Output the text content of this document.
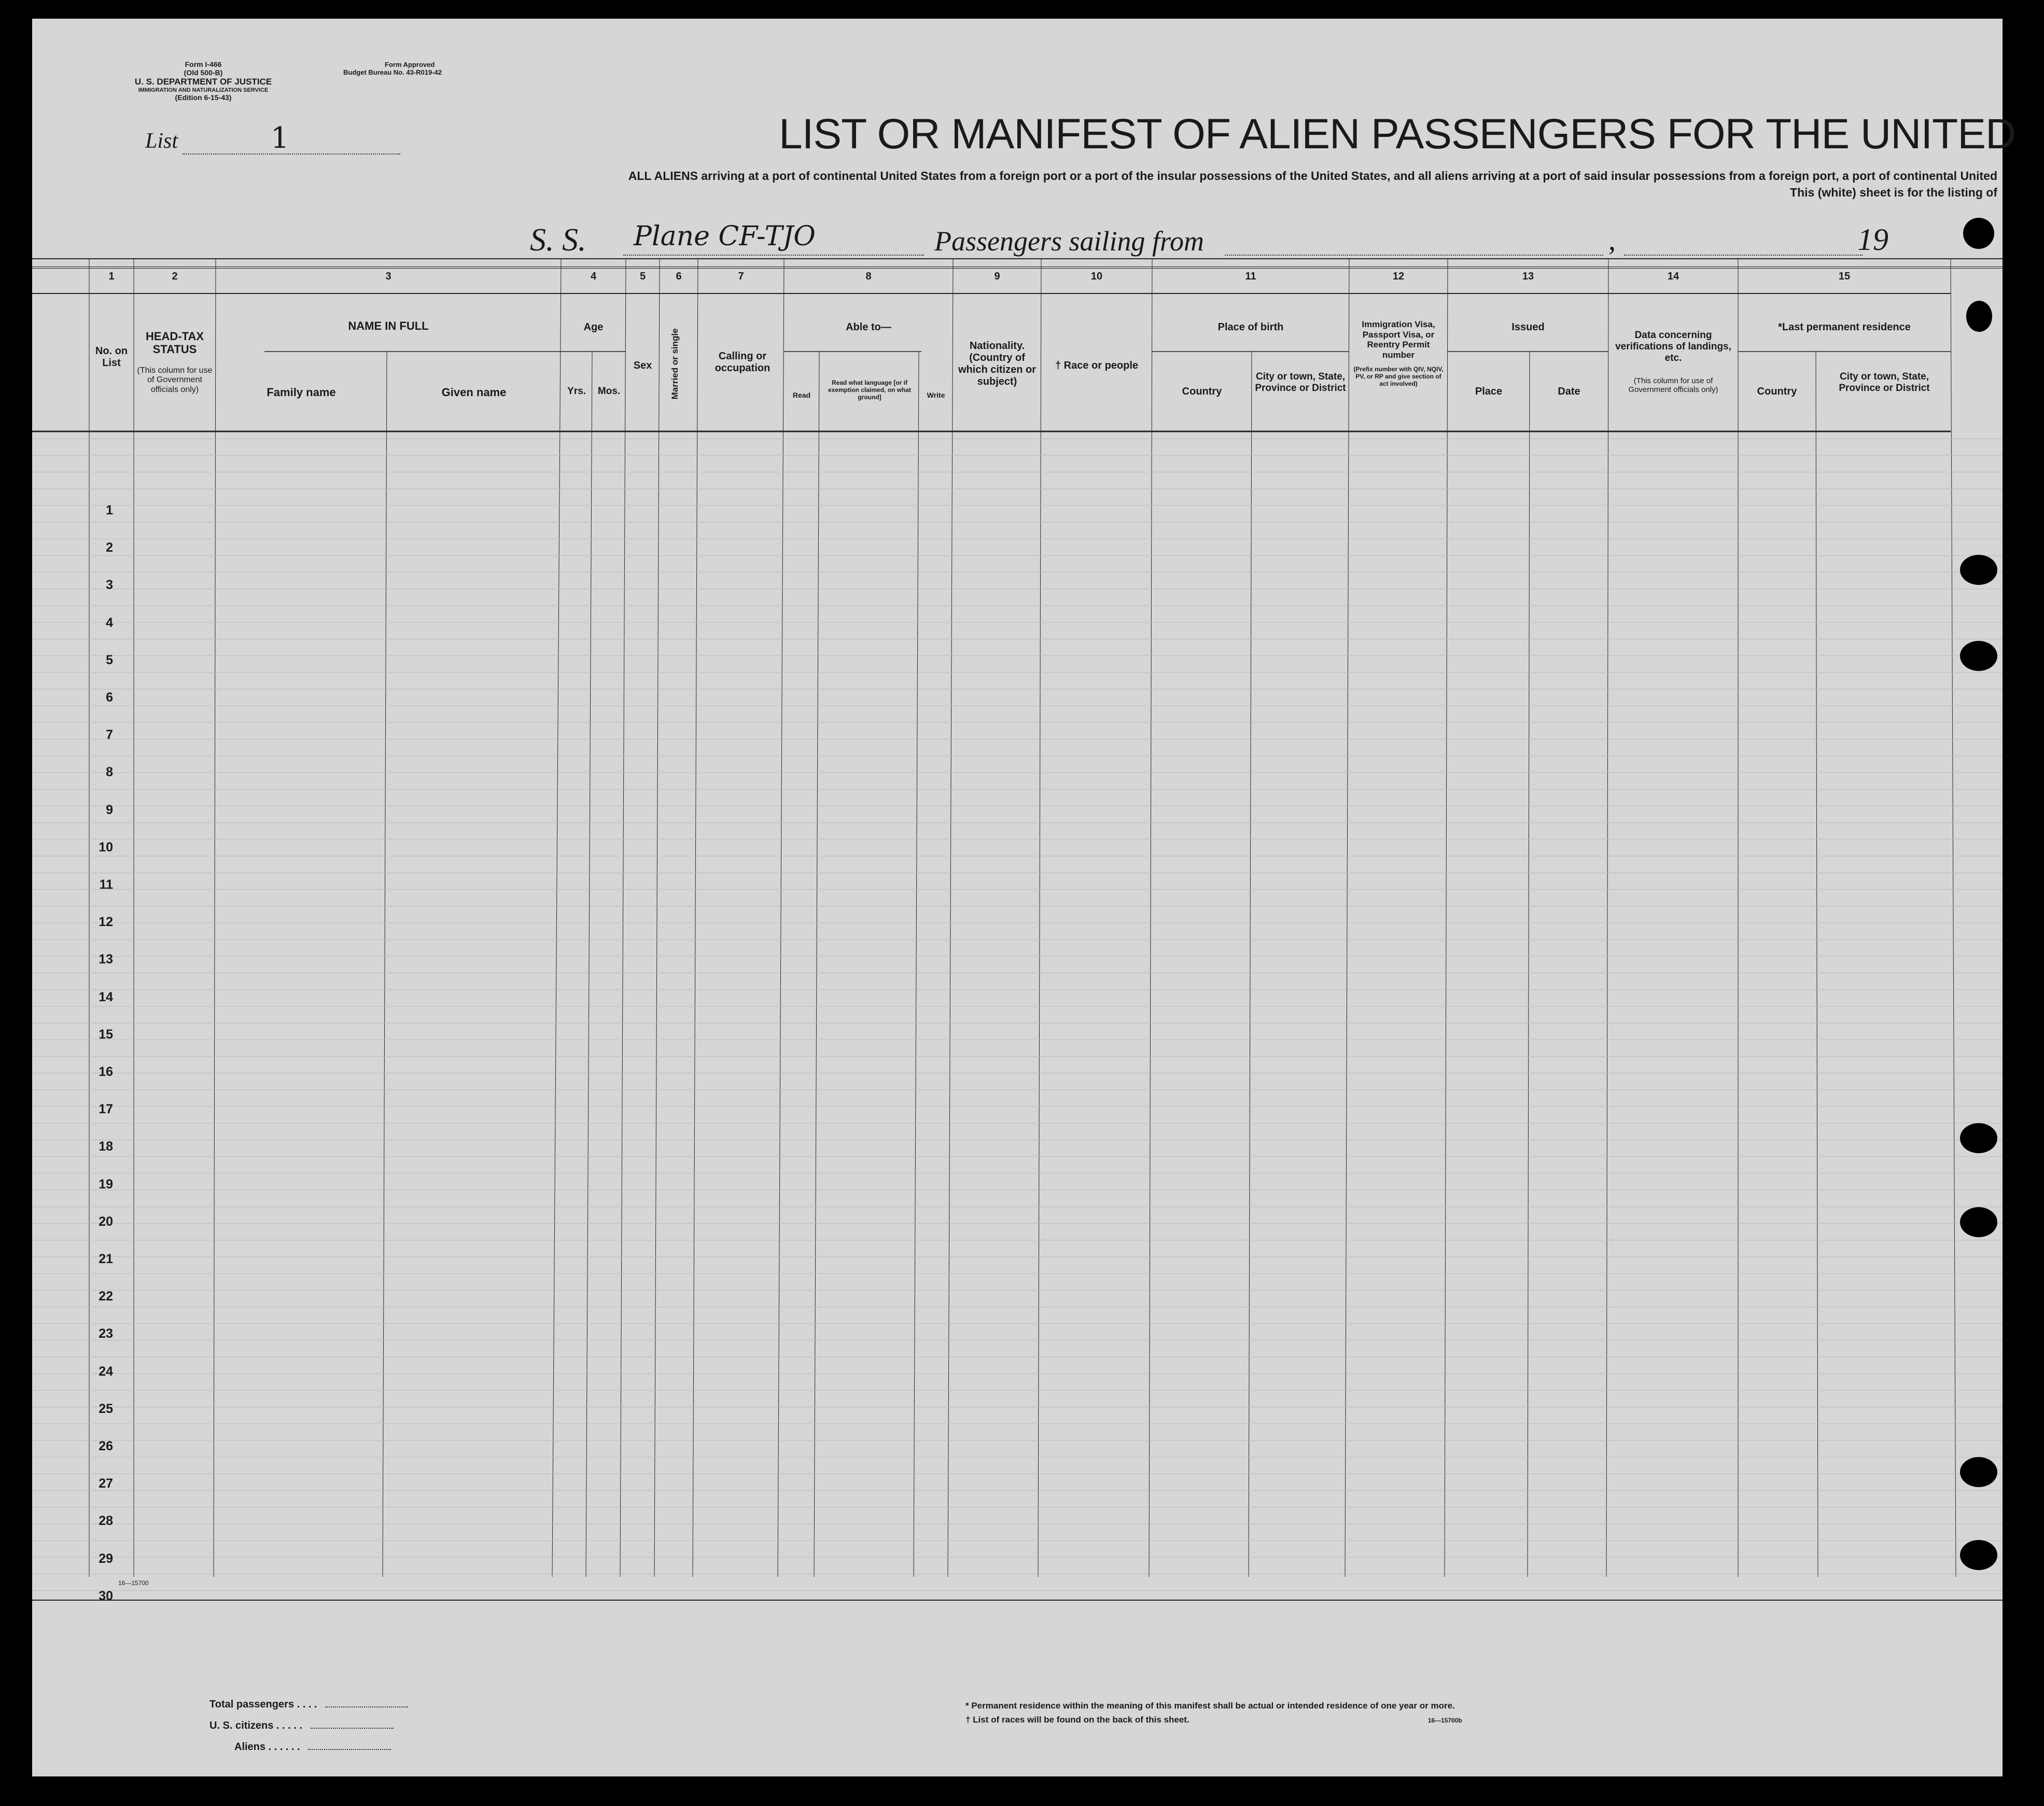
Form I-466
(Old 500-B)
U. S. DEPARTMENT OF JUSTICE
IMMIGRATION AND NATURALIZATION SERVICE
(Edition 6-15-43)
Form Approved
Budget Bureau No. 43-R019-42
List	1	LIST OR MANIFEST OF ALIEN PASSENGERS FOR THE UNITED
ALL ALIENS arriving at a port of continental United States from a foreign port or a port of the insular possessions of the United States, and all aliens arriving at a port of said insular possessions from a foreign port, a port of continental United
This (white) sheet is for the listing of
S. S. Plane CF-TJO	Passengers sailing from	,	19
1	2	3	4	5	6	7	8	9	10	11	12	13	14	15
No. on List
HEAD-TAX STATUS
(This column for use of Government officials only)
NAME IN FULL
Family name	Given name
Age
Yrs.	Mos.
Sex	Married or single	Calling or occupation
Able to—
Read
Read what language [or if exemption claimed, on what ground]	Write
Nationality. (Country of which citizen or subject)
† Race or people
Place of birth
Country
City or town, State, Province or District
Immigration Visa, Passport Visa, or Reentry Permit number
(Prefix number with QIV, NQIV, PV, or RP and give section of act involved)
Issued
Place	Date
Data concerning verifications of landings, etc.
(This column for use of Government officials only)
*Last permanent residence
Country
City or town, State, Province or District
1
2
3
4
5
6
7
8
9
10
11
12
13
14
15
16
17
18
19
20
21
22
23
24
25
26
27
28
29
30
16—15700
Total passengers . . . .
U. S. citizens . . . . .
Aliens . . . . . .
* Permanent residence within the meaning of this manifest shall be actual or intended residence of one year or more.
† List of races will be found on the back of this sheet.	16—15700b
